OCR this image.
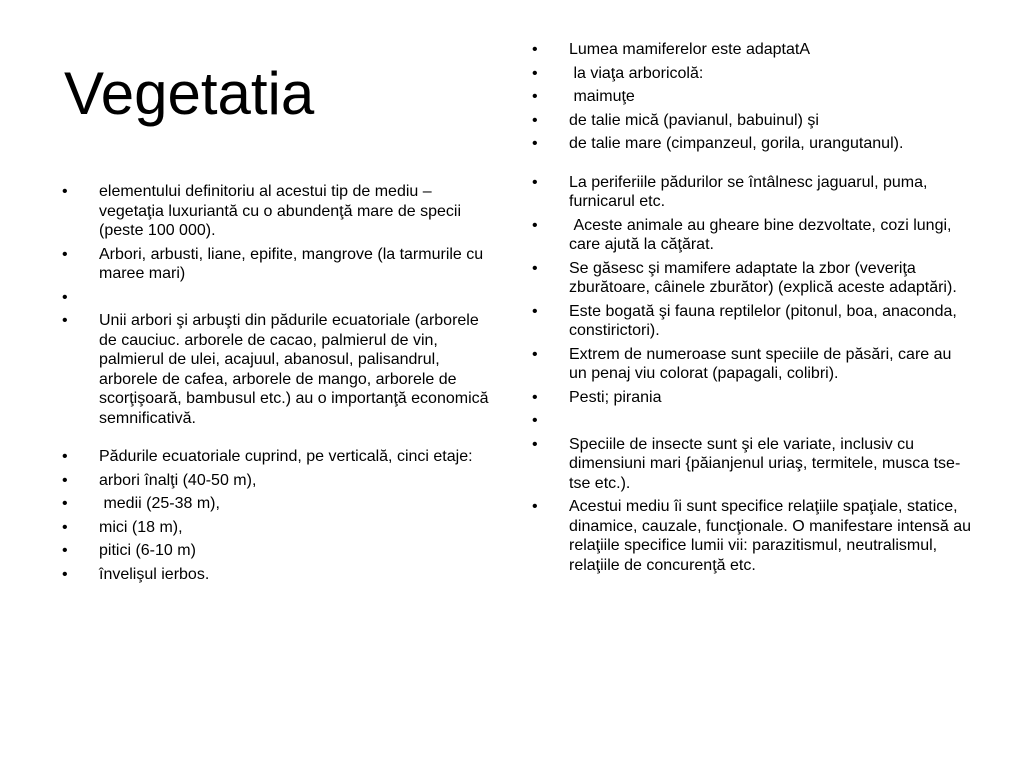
Vegetatia
• elementului definitoriu al acestui tip de mediu – vegetaţia luxuriantă cu o abundenţă mare de specii (peste 100 000).
• Arbori, arbusti, liane, epifite, mangrove (la tarmurile cu maree mari)
•
• Unii arbori şi arbuşti din pădurile ecuatoriale (arborele de cauciuc. arborele de cacao, palmierul de vin, palmierul de ulei, acajuul, abanosul, palisandrul, arborele de cafea, arborele de mango, arborele de scorţişoară, bambusul etc.) au o importanţă economică semnificativă.
• Pădurile ecuatoriale cuprind, pe verticală, cinci etaje:
• arbori înalţi (40-50 m),
•  medii (25-38 m),
• mici (18 m),
• pitici (6-10 m)
• învelişul ierbos.
• Lumea mamiferelor este adaptatA
•  la viaţa arboricolă:
•  maimuţe
• de talie mică (pavianul, babuinul) şi
• de talie mare (cimpanzeul, gorila, urangutanul).
• La periferiile pădurilor se întâlnesc jaguarul, puma, furnicarul etc.
•  Aceste animale au gheare bine dezvoltate, cozi lungi, care ajută la căţărat.
• Se găsesc şi mamifere adaptate la zbor (veveriţa zburătoare, câinele zburător) (explică aceste adaptări).
• Este bogată şi fauna reptilelor (pitonul, boa, anaconda, constirictori).
• Extrem de numeroase sunt speciile de păsări, care au un penaj viu colorat (papagali, colibri).
• Pesti; pirania
•
• Speciile de insecte sunt şi ele variate, inclusiv cu dimensiuni mari {păianjenul uriaş, termitele, musca tse-tse etc.).
• Acestui mediu îi sunt specifice relaţiile spaţiale, statice, dinamice, cauzale, funcţionale. O manifestare intensă au relaţiile specifice lumii vii: parazitismul, neutralismul, relaţiile de concurenţă etc.
